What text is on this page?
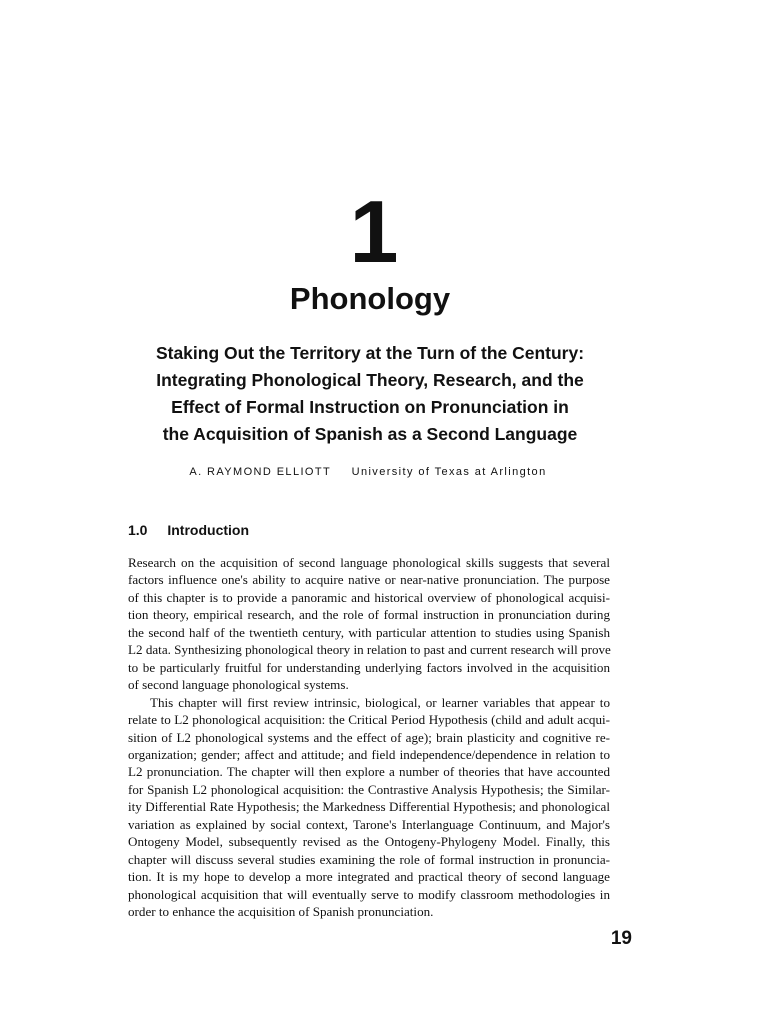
1
Phonology
Staking Out the Territory at the Turn of the Century:
Integrating Phonological Theory, Research, and the
Effect of Formal Instruction on Pronunciation in
the Acquisition of Spanish as a Second Language
A. RAYMOND ELLIOTT University of Texas at Arlington
1.0 Introduction
Research on the acquisition of second language phonological skills suggests that several
factors influence one's ability to acquire native or near-native pronunciation. The purpose
of this chapter is to provide a panoramic and historical overview of phonological acquisi-
tion theory, empirical research, and the role of formal instruction in pronunciation during
the second half of the twentieth century, with particular attention to studies using Spanish
L2 data. Synthesizing phonological theory in relation to past and current research will prove
to be particularly fruitful for understanding underlying factors involved in the acquisition
of second language phonological systems.
This chapter will first review intrinsic, biological, or learner variables that appear to
relate to L2 phonological acquisition: the Critical Period Hypothesis (child and adult acqui-
sition of L2 phonological systems and the effect of age); brain plasticity and cognitive re-
organization; gender; affect and attitude; and field independence/dependence in relation to
L2 pronunciation. The chapter will then explore a number of theories that have accounted
for Spanish L2 phonological acquisition: the Contrastive Analysis Hypothesis; the Similar-
ity Differential Rate Hypothesis; the Markedness Differential Hypothesis; and phonological
variation as explained by social context, Tarone's Interlanguage Continuum, and Major's
Ontogeny Model, subsequently revised as the Ontogeny-Phylogeny Model. Finally, this
chapter will discuss several studies examining the role of formal instruction in pronuncia-
tion. It is my hope to develop a more integrated and practical theory of second language
phonological acquisition that will eventually serve to modify classroom methodologies in
order to enhance the acquisition of Spanish pronunciation.
19
